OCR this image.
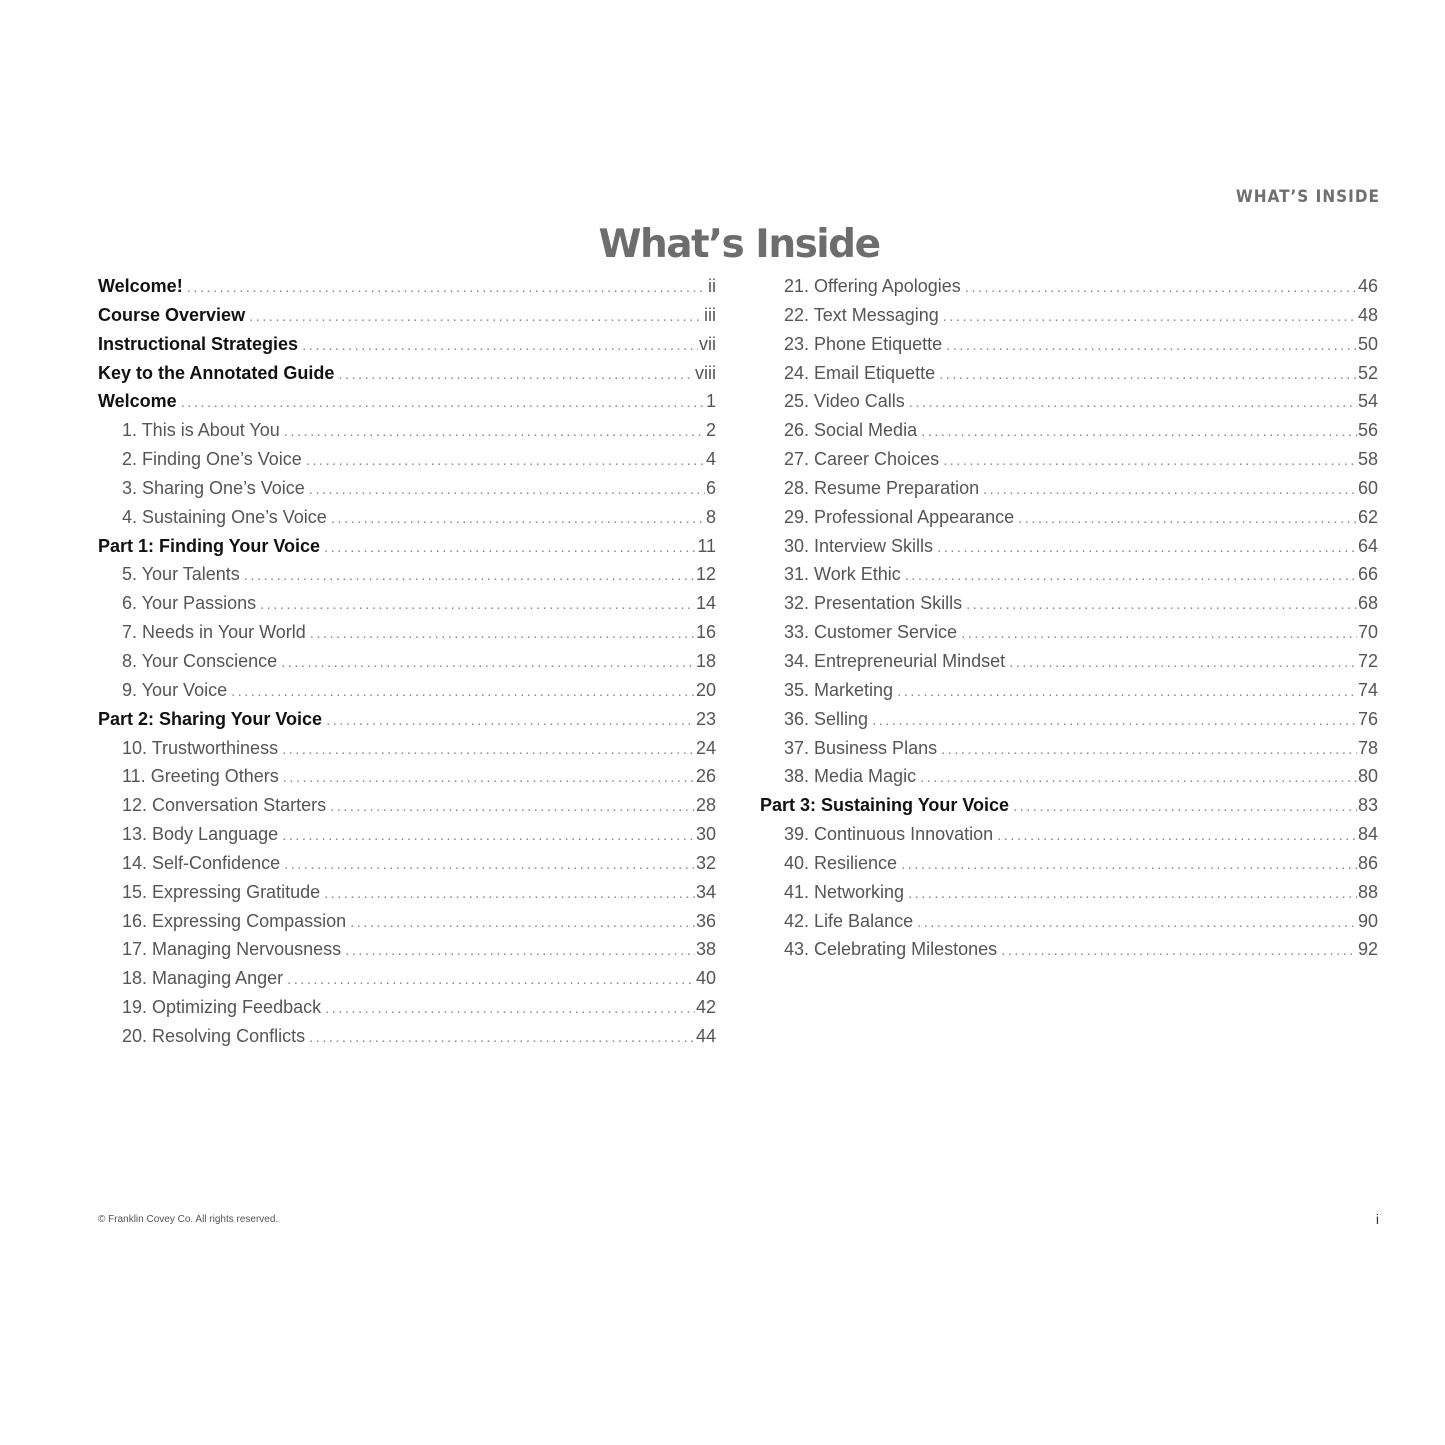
WHAT’S INSIDE
What’s Inside
Welcome! .....	ii
Course Overview .....	iii
Instructional Strategies .....	vii
Key to the Annotated Guide .....	viii
Welcome .....	1
1. This is About You .....	2
2. Finding One’s Voice .....	4
3. Sharing One’s Voice .....	6
4. Sustaining One’s Voice .....	8
Part 1: Finding Your Voice .....	11
5. Your Talents .....	12
6. Your Passions .....	14
7. Needs in Your World .....	16
8. Your Conscience .....	18
9. Your Voice .....	20
Part 2: Sharing Your Voice .....	23
10. Trustworthiness .....	24
11. Greeting Others .....	26
12. Conversation Starters .....	28
13. Body Language .....	30
14. Self-Confidence .....	32
15. Expressing Gratitude .....	34
16. Expressing Compassion .....	36
17. Managing Nervousness .....	38
18. Managing Anger .....	40
19. Optimizing Feedback .....	42
20. Resolving Conflicts .....	44
21. Offering Apologies .....	46
22. Text Messaging .....	48
23. Phone Etiquette .....	50
24. Email Etiquette .....	52
25. Video Calls .....	54
26. Social Media .....	56
27. Career Choices .....	58
28. Resume Preparation .....	60
29. Professional Appearance .....	62
30. Interview Skills .....	64
31. Work Ethic .....	66
32. Presentation Skills .....	68
33. Customer Service .....	70
34. Entrepreneurial Mindset .....	72
35. Marketing .....	74
36. Selling .....	76
37. Business Plans .....	78
38. Media Magic .....	80
Part 3: Sustaining Your Voice .....	83
39. Continuous Innovation .....	84
40. Resilience .....	86
41. Networking .....	88
42. Life Balance .....	90
43. Celebrating Milestones .....	92
© Franklin Covey Co. All rights reserved.	i
